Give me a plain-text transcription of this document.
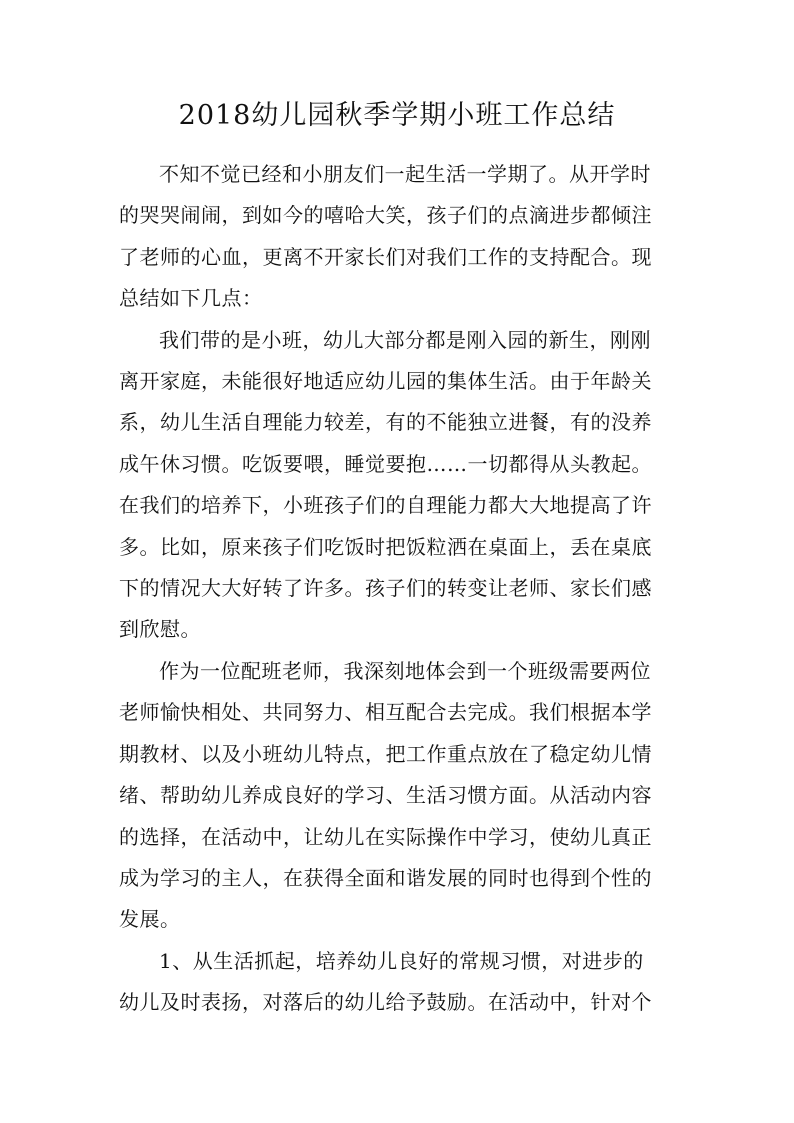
2018幼儿园秋季学期小班工作总结

不知不觉已经和小朋友们一起生活一学期了。从开学时
的哭哭闹闹，到如今的嘻哈大笑，孩子们的点滴进步都倾注
了老师的心血，更离不开家长们对我们工作的支持配合。现
总结如下几点：

我们带的是小班，幼儿大部分都是刚入园的新生，刚刚
离开家庭，未能很好地适应幼儿园的集体生活。由于年龄关
系，幼儿生活自理能力较差，有的不能独立进餐，有的没养
成午休习惯。吃饭要喂，睡觉要抱……一切都得从头教起。
在我们的培养下，小班孩子们的自理能力都大大地提高了许
多。比如，原来孩子们吃饭时把饭粒洒在桌面上，丢在桌底
下的情况大大好转了许多。孩子们的转变让老师、家长们感
到欣慰。

作为一位配班老师，我深刻地体会到一个班级需要两位
老师愉快相处、共同努力、相互配合去完成。我们根据本学
期教材、以及小班幼儿特点，把工作重点放在了稳定幼儿情
绪、帮助幼儿养成良好的学习、生活习惯方面。从活动内容
的选择，在活动中，让幼儿在实际操作中学习，使幼儿真正
成为学习的主人，在获得全面和谐发展的同时也得到个性的
发展。

1、从生活抓起，培养幼儿良好的常规习惯，对进步的
幼儿及时表扬，对落后的幼儿给予鼓励。在活动中，针对个
